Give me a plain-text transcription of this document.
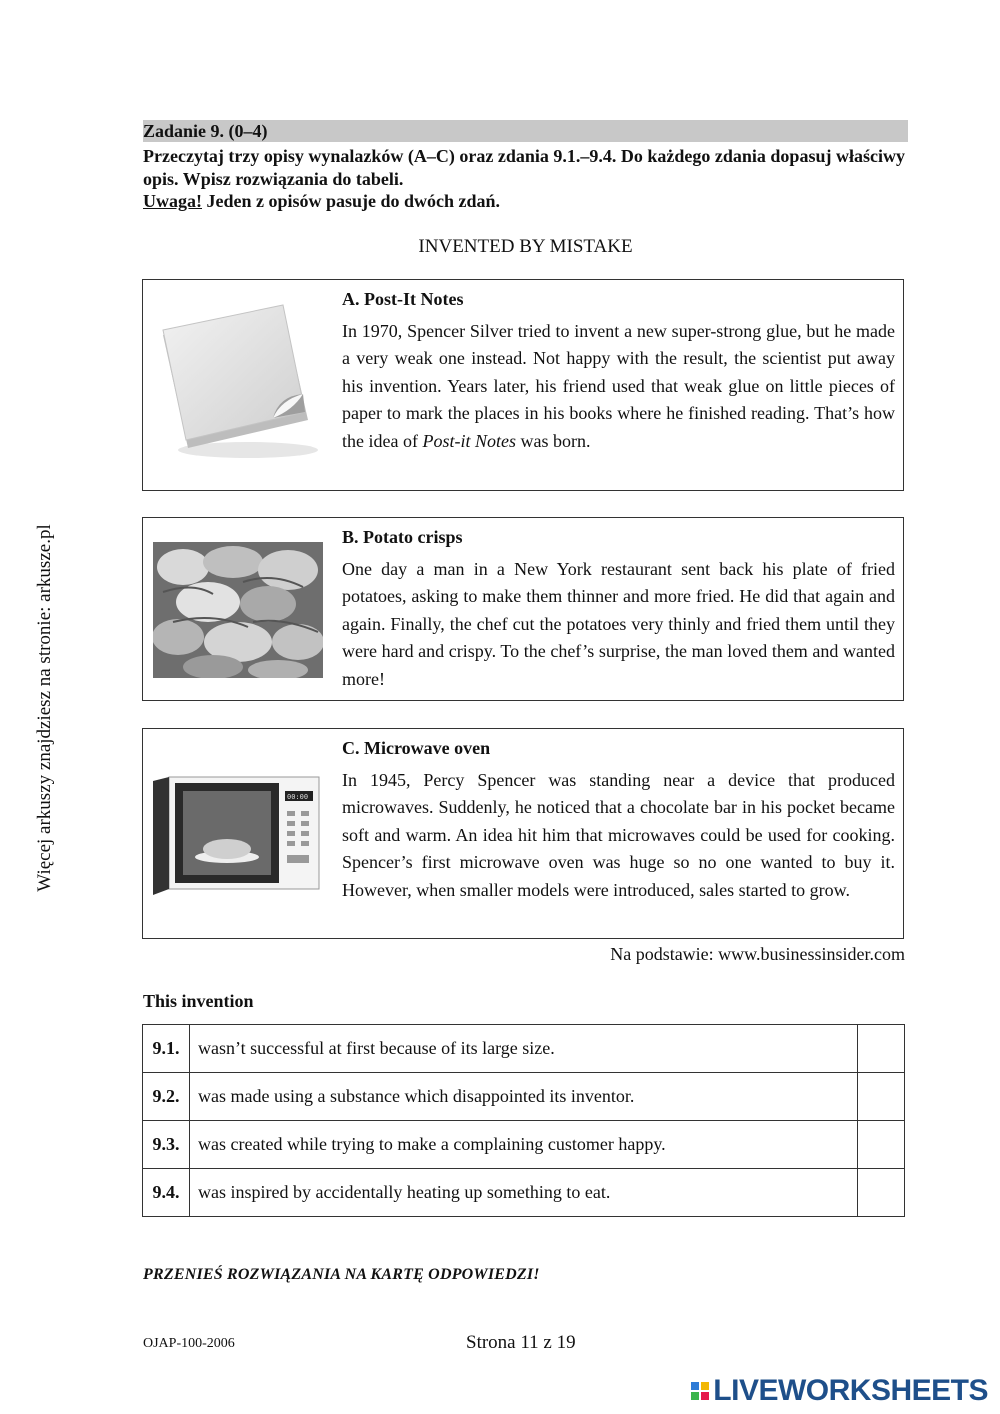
Zadanie 9. (0–4)
Przeczytaj trzy opisy wynalazków (A–C) oraz zdania 9.1.–9.4. Do każdego zdania dopasuj właściwy opis. Wpisz rozwiązania do tabeli.
Uwaga! Jeden z opisów pasuje do dwóch zdań.
INVENTED BY MISTAKE
A. Post-It Notes
In 1970, Spencer Silver tried to invent a new super-strong glue, but he made a very weak one instead. Not happy with the result, the scientist put away his invention. Years later, his friend used that weak glue on little pieces of paper to mark the places in his books where he finished reading. That’s how the idea of Post-it Notes was born.
B. Potato crisps
One day a man in a New York restaurant sent back his plate of fried potatoes, asking to make them thinner and more fried. He did that again and again. Finally, the chef cut the potatoes very thinly and fried them until they were hard and crispy. To the chef’s surprise, the man loved them and wanted more!
00:00
C. Microwave oven
In 1945, Percy Spencer was standing near a device that produced microwaves. Suddenly, he noticed that a chocolate bar in his pocket became soft and warm. An idea hit him that microwaves could be used for cooking. Spencer’s first microwave oven was huge so no one wanted to buy it. However, when smaller models were introduced, sales started to grow.
Na podstawie: www.businessinsider.com
This invention
9.1.	wasn’t successful at first because of its large size.	
9.2.	was made using a substance which disappointed its inventor.	
9.3.	was created while trying to make a complaining customer happy.	
9.4.	was inspired by accidentally heating up something to eat.	
PRZENIEŚ ROZWIĄZANIA NA KARTĘ ODPOWIEDZI!
OJAP-100-2006	Strona 11 z 19
Więcej arkuszy znajdziesz na stronie: arkusze.pl
LIVEWORKSHEETS
